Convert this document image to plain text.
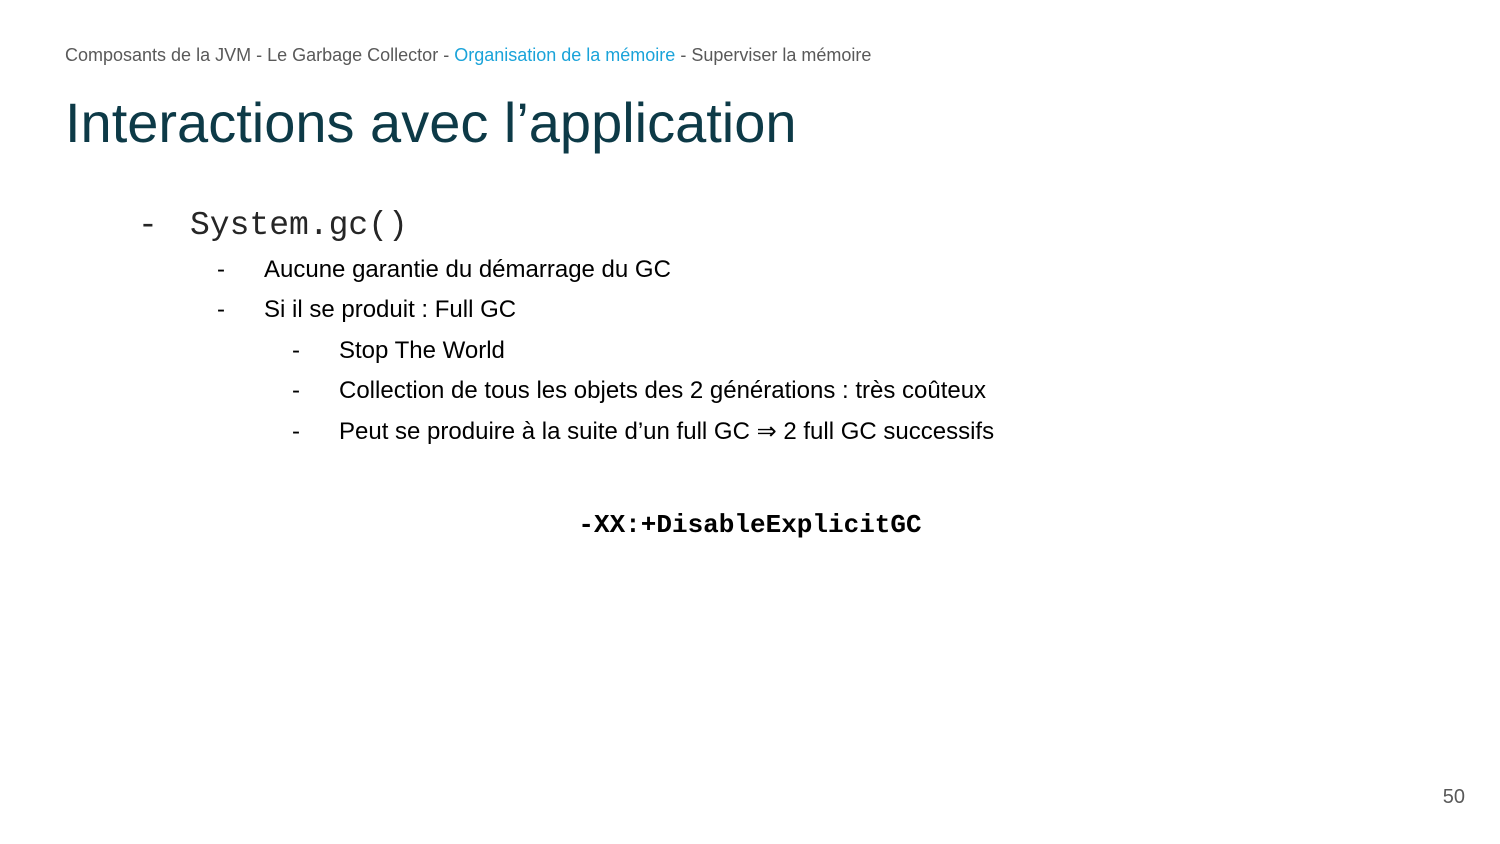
Composants de la JVM - Le Garbage Collector - Organisation de la mémoire - Superviser la mémoire
Interactions avec l’application
- System.gc()
- Aucune garantie du démarrage du GC
- Si il se produit : Full GC
- Stop The World
- Collection de tous les objets des 2 générations : très coûteux
- Peut se produire à la suite d’un full GC ⇒ 2 full GC successifs
-XX:+DisableExplicitGC
50
